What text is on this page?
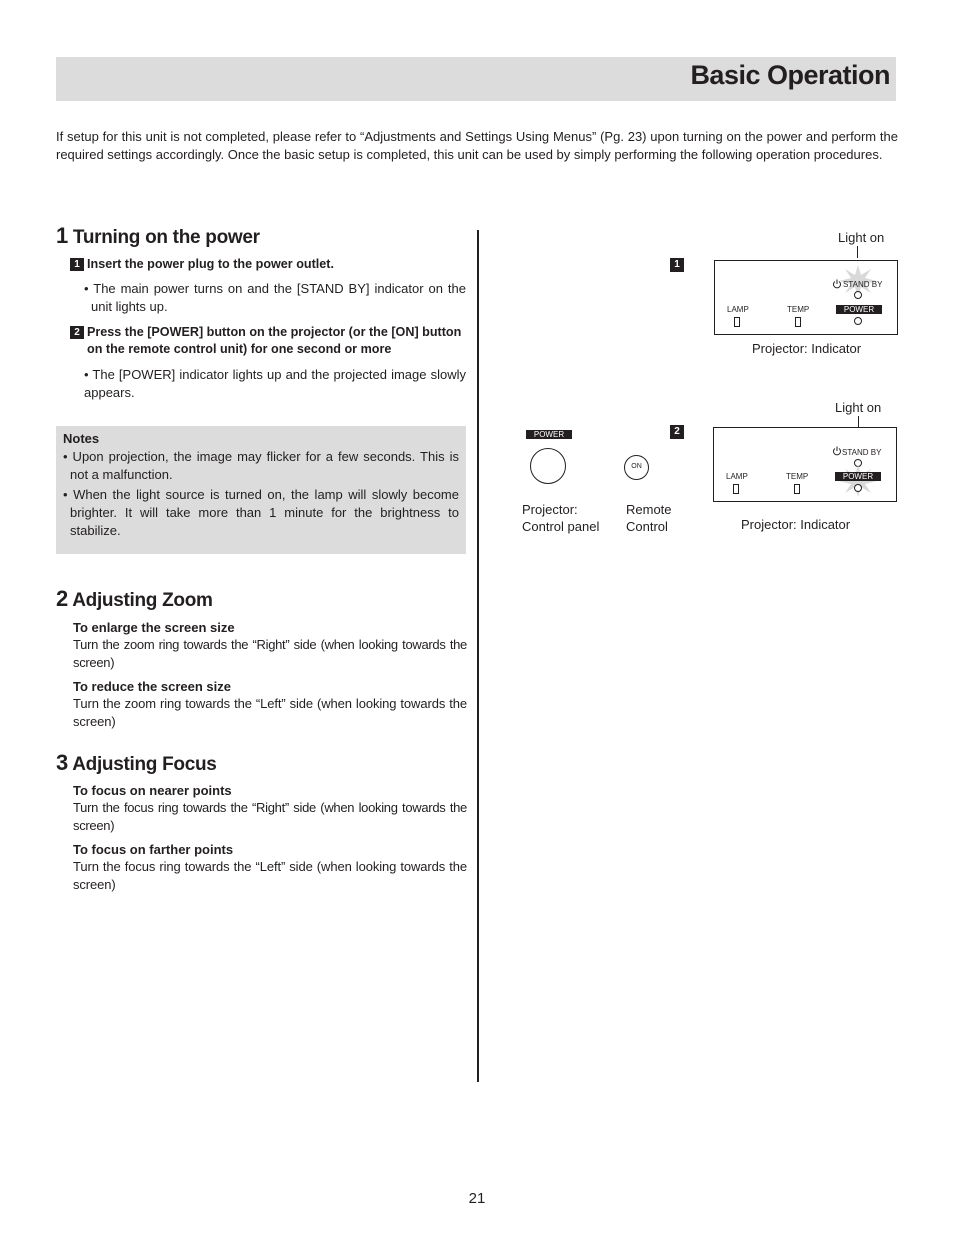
Basic Operation
If setup for this unit is not completed, please refer to “Adjustments and Settings Using Menus” (Pg. 23) upon turning on the power and perform the required settings accordingly. Once the basic setup is completed, this unit can be used by simply performing the following operation procedures.
1 Turning on the power
1 Insert the power plug to the power outlet.
• The main power turns on and the [STAND BY] indicator on the unit lights up.
2 Press the [POWER] button on the projector (or the [ON] button on the remote control unit) for one second or more
• The [POWER] indicator lights up and the projected image slowly appears.
Notes
• Upon projection, the image may flicker for a few seconds. This is not a malfunction.
• When the light source is turned on, the lamp will slowly become brighter. It will take more than 1 minute for the brightness to stabilize.
2 Adjusting Zoom
To enlarge the screen size
Turn the zoom ring towards the “Right” side (when looking towards the screen)
To reduce the screen size
Turn the zoom ring towards the “Left” side (when looking towards the screen)
3 Adjusting Focus
To focus on nearer points
Turn the focus ring towards the “Right” side (when looking towards the screen)
To focus on farther points
Turn the focus ring towards the “Left” side (when looking towards the screen)
1
Light on
STAND BY
LAMP	TEMP	POWER
Projector: Indicator
2
Light on
STAND BY
LAMP	TEMP	POWER
Projector: Indicator
POWER
ON
Projector:
Control panel
Remote
Control
21
